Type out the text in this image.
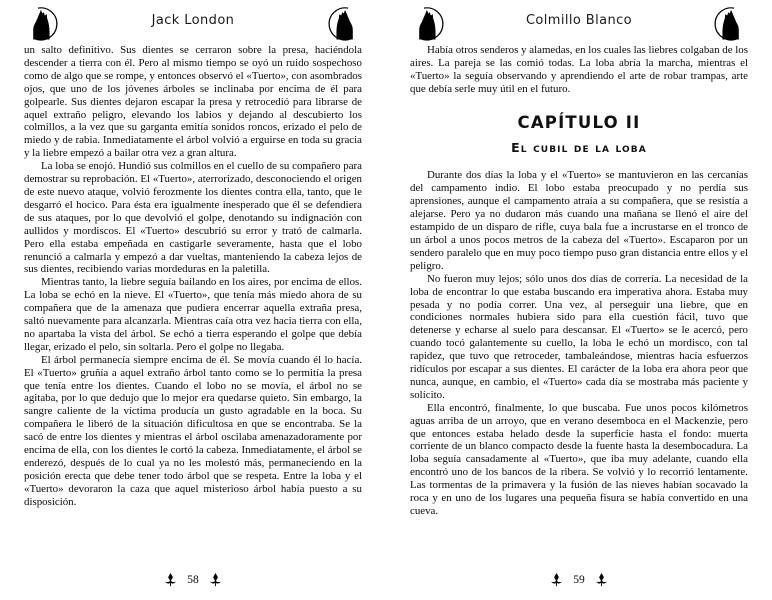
Jack London

un salto definitivo. Sus dientes se cerraron sobre la presa, haciéndola descender a tierra con él. Pero al mismo tiempo se oyó un ruido sospechoso como de algo que se rompe, y entonces observó el «Tuerto», con asombrados ojos, que uno de los jóvenes árboles se inclinaba por encima de él para golpearle. Sus dientes dejaron escapar la presa y retrocedió para librarse de aquel extraño peligro, elevando los labios y dejando al descubierto los colmillos, a la vez que su garganta emitía sonidos roncos, erizado el pelo de miedo y de rabia. Inmediatamente el árbol volvió a erguirse en toda su gracia y la liebre empezó a bailar otra vez a gran altura.

La loba se enojó. Hundió sus colmillos en el cuello de su compañero para demostrar su reprobación. El «Tuerto», aterrorizado, desconociendo el origen de este nuevo ataque, volvió ferozmente los dientes contra ella, tanto, que le desgarró el hocico. Para ésta era igualmente inesperado que él se defendiera de sus ataques, por lo que devolvió el golpe, denotando su indignación con aullidos y mordiscos. El «Tuerto» descubrió su error y trató de calmarla. Pero ella estaba empeñada en castigarle severamente, hasta que el lobo renunció a calmarla y empezó a dar vueltas, manteniendo la cabeza lejos de sus dientes, recibiendo varias mordeduras en la paletilla.

Mientras tanto, la liebre seguía bailando en los aires, por encima de ellos. La loba se echó en la nieve. El «Tuerto», que tenía más miedo ahora de su compañera que de la amenaza que pudiera encerrar aquella extraña presa, saltó nuevamente para alcanzarla. Mientras caía otra vez hacia tierra con ella, no apartaba la vista del árbol. Se echó a tierra esperando el golpe que debía llegar, erizado el pelo, sin soltarla. Pero el golpe no llegaba.

El árbol permanecía siempre encima de él. Se movía cuando él lo hacía. El «Tuerto» gruñía a aquel extraño árbol tanto como se lo permitía la presa que tenía entre los dientes. Cuando el lobo no se movía, el árbol no se agitaba, por lo que dedujo que lo mejor era quedarse quieto. Sin embargo, la sangre caliente de la víctima producía un gusto agradable en la boca. Su compañera le liberó de la situación dificultosa en que se encontraba. Se la sacó de entre los dientes y mientras el árbol oscilaba amenazadoramente por encima de ella, con los dientes le cortó la cabeza. Inmediatamente, el árbol se enderezó, después de lo cual ya no les molestó más, permaneciendo en la posición erecta que debe tener todo árbol que se respeta. Entre la loba y el «Tuerto» devoraron la caza que aquel misterioso árbol había puesto a su disposición.

58
Colmillo Blanco

Había otros senderos y alamedas, en los cuales las liebres colgaban de los aires. La pareja se las comió todas. La loba abría la marcha, mientras el «Tuerto» la seguía observando y aprendiendo el arte de robar trampas, arte que debía serle muy útil en el futuro.

CAPÍTULO II
El cubil de la loba

Durante dos días la loba y el «Tuerto» se mantuvieron en las cercanías del campamento indio. El lobo estaba preocupado y no perdía sus aprensiones, aunque el campamento atraía a su compañera, que se resistía a alejarse. Pero ya no dudaron más cuando una mañana se llenó el aire del estampido de un disparo de rifle, cuya bala fue a incrustarse en el tronco de un árbol a unos pocos metros de la cabeza del «Tuerto». Escaparon por un sendero paralelo que en muy poco tiempo puso gran distancia entre ellos y el peligro.

No fueron muy lejos; sólo unos dos días de correría. La necesidad de la loba de encontrar lo que estaba buscando era imperativa ahora. Estaba muy pesada y no podía correr. Una vez, al perseguir una liebre, que en condiciones normales hubiera sido para ella cuestión fácil, tuvo que detenerse y echarse al suelo para descansar. El «Tuerto» se le acercó, pero cuando tocó galantemente su cuello, la loba le echó un mordisco, con tal rapidez, que tuvo que retroceder, tambaleándose, mientras hacía esfuerzos ridículos por escapar a sus dientes. El carácter de la loba era ahora peor que nunca, aunque, en cambio, el «Tuerto» cada día se mostraba más paciente y solícito.

Ella encontró, finalmente, lo que buscaba. Fue unos pocos kilómetros aguas arriba de un arroyo, que en verano desemboca en el Mackenzie, pero que entonces estaba helado desde la superficie hasta el fondo: muerta corriente de un blanco compacto desde la fuente hasta la desembocadura. La loba seguía cansadamente al «Tuerto», que iba muy adelante, cuando ella encontró uno de los bancos de la ribera. Se volvió y lo recorrió lentamente. Las tormentas de la primavera y la fusión de las nieves habían socavado la roca y en uno de los lugares una pequeña fisura se había convertido en una cueva.

59
